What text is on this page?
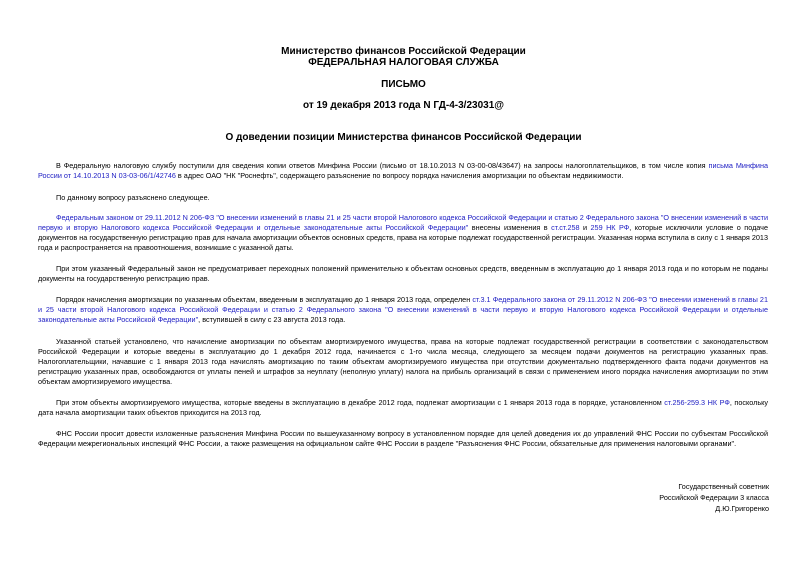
Министерство финансов Российской Федерации
ФЕДЕРАЛЬНАЯ НАЛОГОВАЯ СЛУЖБА
ПИСЬМО
от 19 декабря 2013 года N ГД-4-3/23031@
О доведении позиции Министерства финансов Российской Федерации

В Федеральную налоговую службу поступили для сведения копии ответов Минфина России (письмо от 18.10.2013 N 03-00-08/43647) на запросы налогоплательщиков, в том числе копия письма Минфина России от 14.10.2013 N 03-03-06/1/42746 в адрес ОАО "НК "Роснефть", содержащего разъяснение по вопросу порядка начисления амортизации по объектам недвижимости.

По данному вопросу разъяснено следующее.

Федеральным законом от 29.11.2012 N 206-ФЗ "О внесении изменений в главы 21 и 25 части второй Налогового кодекса Российской Федерации и статью 2 Федерального закона "О внесении изменений в части первую и вторую Налогового кодекса Российской Федерации и отдельные законодательные акты Российской Федерации" внесены изменения в ст.ст.258 и 259 НК РФ, которые исключили условие о подаче документов на государственную регистрацию прав для начала амортизации объектов основных средств, права на которые подлежат государственной регистрации. Указанная норма вступила в силу с 1 января 2013 года и распространяется на правоотношения, возникшие с указанной даты.

При этом указанный Федеральный закон не предусматривает переходных положений применительно к объектам основных средств, введенным в эксплуатацию до 1 января 2013 года и по которым не поданы документы на государственную регистрацию прав.

Порядок начисления амортизации по указанным объектам, введенным в эксплуатацию до 1 января 2013 года, определен ст.3.1 Федерального закона от 29.11.2012 N 206-ФЗ "О внесении изменений в главы 21 и 25 части второй Налогового кодекса Российской Федерации и статью 2 Федерального закона "О внесении изменений в части первую и вторую Налогового кодекса Российской Федерации и отдельные законодательные акты Российской Федерации", вступившей в силу с 23 августа 2013 года.

Указанной статьей установлено, что начисление амортизации по объектам амортизируемого имущества, права на которые подлежат государственной регистрации в соответствии с законодательством Российской Федерации и которые введены в эксплуатацию до 1 декабря 2012 года, начинается с 1-го числа месяца, следующего за месяцем подачи документов на регистрацию указанных прав. Налогоплательщики, начавшие с 1 января 2013 года начислять амортизацию по таким объектам амортизируемого имущества при отсутствии документально подтвержденного факта подачи документов на регистрацию указанных прав, освобождаются от уплаты пеней и штрафов за неуплату (неполную уплату) налога на прибыль организаций в связи с применением иного порядка начисления амортизации по этим объектам амортизируемого имущества.

При этом объекты амортизируемого имущества, которые введены в эксплуатацию в декабре 2012 года, подлежат амортизации с 1 января 2013 года в порядке, установленном ст.256-259.3 НК РФ, поскольку дата начала амортизации таких объектов приходится на 2013 год.

ФНС России просит довести изложенные разъяснения Минфина России по вышеуказанному вопросу в установленном порядке для целей доведения их до управлений ФНС России по субъектам Российской Федерации межрегиональных инспекций ФНС России, а также размещения на официальном сайте ФНС России в разделе "Разъяснения ФНС России, обязательные для применения налоговыми органами".

Государственный советник
Российской Федерации 3 класса
Д.Ю.Григоренко
